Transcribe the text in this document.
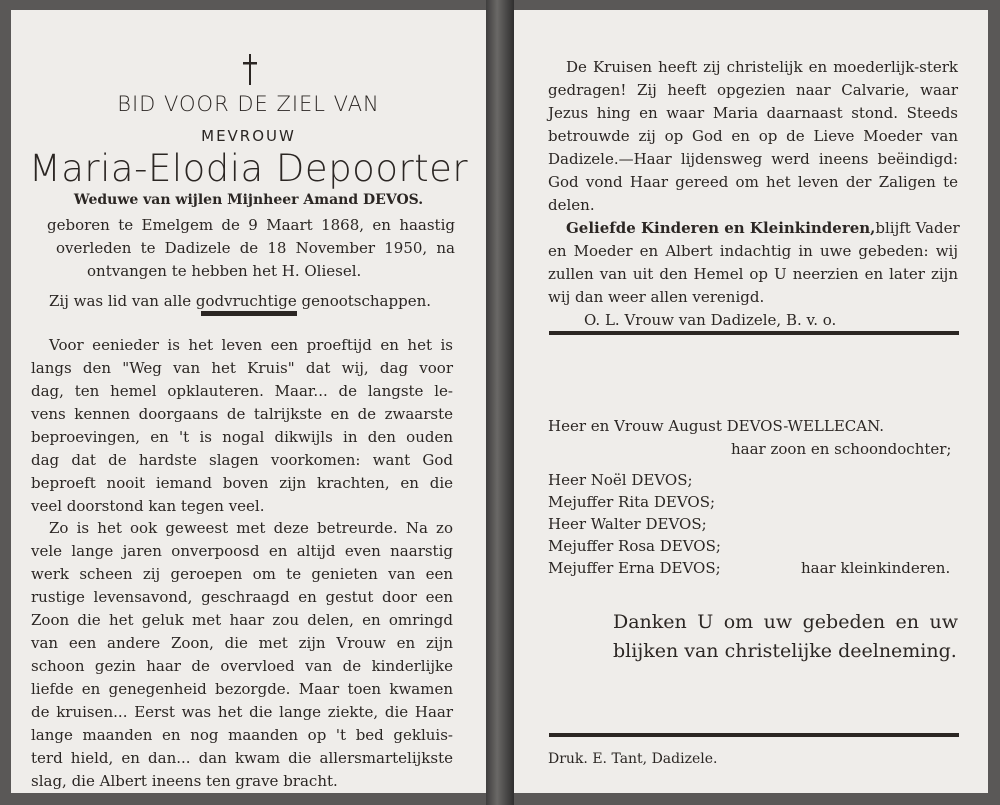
BID VOOR DE ZIEL VAN
MEVROUW
Maria-Elodia Depoorter
Weduwe van wijlen Mijnheer Amand DEVOS.
geboren te Emelgem de 9 Maart 1868, en haastig
overleden te Dadizele de 18 November 1950, na
ontvangen te hebben het H. Oliesel.
Zij was lid van alle godvruchtige genootschappen.
Voor eenieder is het leven een proeftijd en het is
langs den "Weg van het Kruis" dat wij, dag voor
dag, ten hemel opklauteren. Maar... de langste le-
vens kennen doorgaans de talrijkste en de zwaarste
beproevingen, en 't is nogal dikwijls in den ouden
dag dat de hardste slagen voorkomen: want God
beproeft nooit iemand boven zijn krachten, en die
veel doorstond kan tegen veel.
Zo is het ook geweest met deze betreurde. Na zo
vele lange jaren onverpoosd en altijd even naarstig
werk scheen zij geroepen om te genieten van een
rustige levensavond, geschraagd en gestut door een
Zoon die het geluk met haar zou delen, en omringd
van een andere Zoon, die met zijn Vrouw en zijn
schoon gezin haar de overvloed van de kinderlijke
liefde en genegenheid bezorgde. Maar toen kwamen
de kruisen... Eerst was het die lange ziekte, die Haar
lange maanden en nog maanden op 't bed gekluis-
terd hield, en dan... dan kwam die allersmartelijkste
slag, die Albert ineens ten grave bracht.
De Kruisen heeft zij christelijk en moederlijk-sterk
gedragen! Zij heeft opgezien naar Calvarie, waar
Jezus hing en waar Maria daarnaast stond. Steeds
betrouwde zij op God en op de Lieve Moeder van
Dadizele.—Haar lijdensweg werd ineens beëindigd:
God vond Haar gereed om het leven der Zaligen te
delen.
Geliefde Kinderen en Kleinkinderen, blijft Vader
en Moeder en Albert indachtig in uwe gebeden: wij
zullen van uit den Hemel op U neerzien en later zijn
wij dan weer allen verenigd.
O. L. Vrouw van Dadizele, B. v. o.
Heer en Vrouw August DEVOS-WELLECAN.
haar zoon en schoondochter;
Heer Noël DEVOS;
Mejuffer Rita DEVOS;
Heer Walter DEVOS;
Mejuffer Rosa DEVOS;
Mejuffer Erna DEVOS;	haar kleinkinderen.
Danken U om uw gebeden en uw
blijken van christelijke deelneming.
Druk. E. Tant, Dadizele.
